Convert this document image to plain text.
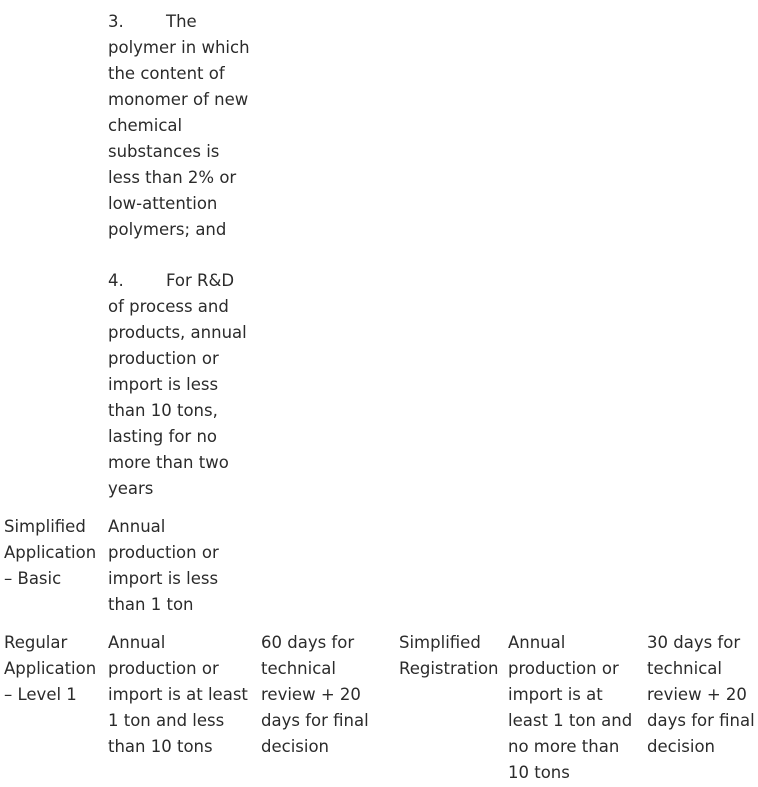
3.	The
polymer in which
the content of
monomer of new
chemical
substances is
less than 2% or
low-attention
polymers; and
4.	For R&D
of process and
products, annual
production or
import is less
than 10 tons,
lasting for no
more than two
years
Simplified
Application
– Basic
Annual
production or
import is less
than 1 ton
Regular
Application
– Level 1
Annual
production or
import is at least
1 ton and less
than 10 tons
60 days for
technical
review + 20
days for final
decision
Simplified
Registration
Annual
production or
import is at
least 1 ton and
no more than
10 tons
30 days for
technical
review + 20
days for final
decision
